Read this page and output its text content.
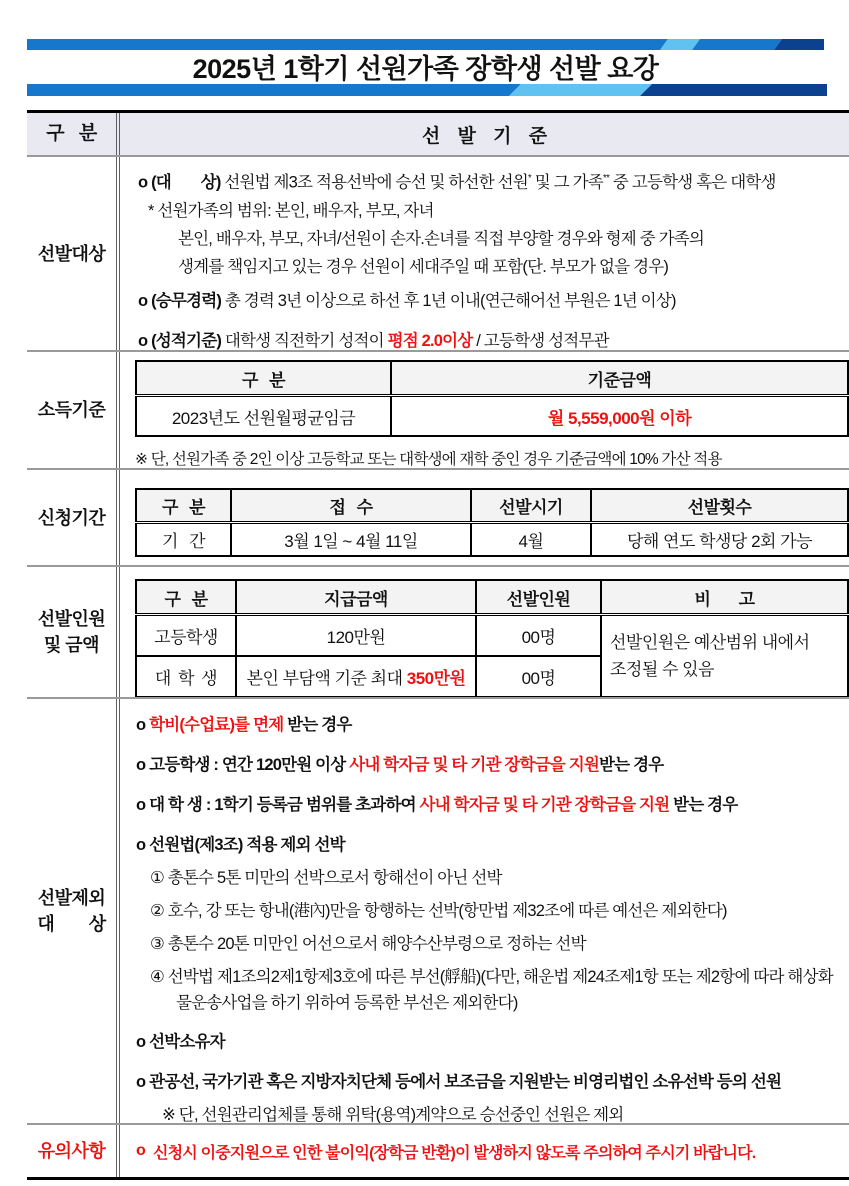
2025년 1학기 선원가족 장학생 선발 요강
구 분	선 발 기 준
선발대상

o (대 상) 선원법 제3조 적용선박에 승선 및 하선한 선원* 및 그 가족** 중 고등학생 혹은 대학생

* 선원가족의 범위: 본인, 배우자, 부모, 자녀

본인, 배우자, 부모, 자녀/선원이 손자.손녀를 직접 부양할 경우와 형제 중 가족의

생계를 책임지고 있는 경우 선원이 세대주일 때 포함(단. 부모가 없을 경우)

o (승무경력) 총 경력 3년 이상으로 하선 후 1년 이내(연근해어선 부원은 1년 이상)

o (성적기준) 대학생 직전학기 성적이 평점 2.0이상 / 고등학생 성적무관

소득기준
구 분	기준금액
2023년도 선원월평균임금	월 5,559,000원 이하
※ 단, 선원가족 중 2인 이상 고등학교 또는 대학생에 재학 중인 경우 기준금액에 10% 가산 적용
신청기간	구 분	접 수	선발시기	선발횟수
기 간	3월 1일 ~ 4월 11일	4월	당해 연도 학생당 2회 가능
선발인원
및 금액
구 분	지급금액	선발인원	비 고
고등학생	120만원	00명	선발인원은 예산범위 내에서
조정될 수 있음
대 학 생	본인 부담액 기준 최대 350만원	00명	
선발제외
대 상

o 학비(수업료)를 면제 받는 경우

o 고등학생 : 연간 120만원 이상 사내 학자금 및 타 기관 장학금을 지원받는 경우

o 대 학 생 : 1학기 등록금 범위를 초과하여 사내 학자금 및 타 기관 장학금을 지원 받는 경우

o 선원법(제3조) 적용 제외 선박

① 총톤수 5톤 미만의 선박으로서 항해선이 아닌 선박

② 호수, 강 또는 항내(港內)만을 항행하는 선박(항만법 제32조에 따른 예선은 제외한다)

③ 총톤수 20톤 미만인 어선으로서 해양수산부령으로 정하는 선박

④ 선박법 제1조의2제1항제3호에 따른 부선(艀船)(다만, 해운법 제24조제1항 또는 제2항에 따라 해상화물운송사업을 하기 위하여 등록한 부선은 제외한다)

o 선박소유자

o 관공선, 국가기관 혹은 지방자치단체 등에서 보조금을 지원받는 비영리법인 소유선박 등의 선원

※ 단, 선원관리업체를 통해 위탁(용역)계약으로 승선중인 선원은 제외

유의사항	o 신청시 이중지원으로 인한 불이익(장학금 반환)이 발생하지 않도록 주의하여 주시기 바랍니다.
